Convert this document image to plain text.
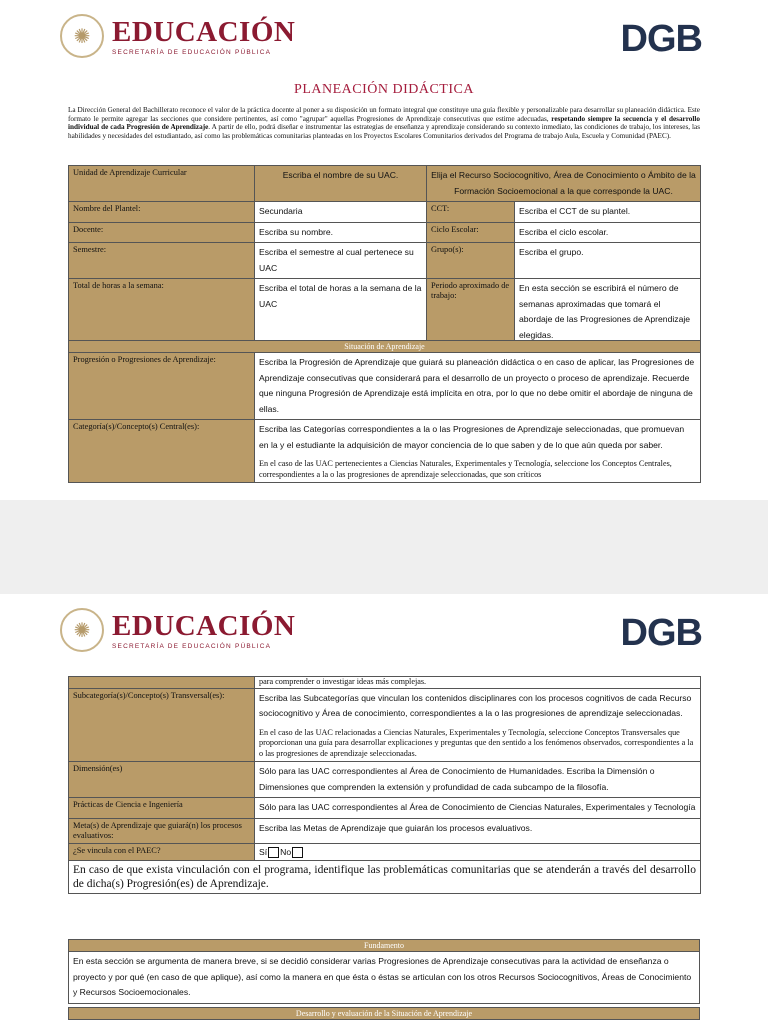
✺ EDUCACIÓN
SECRETARÍA DE EDUCACIÓN PÚBLICA	DGB
PLANEACIÓN DIDÁCTICA
La Dirección General del Bachillerato reconoce el valor de la práctica docente al poner a su disposición un formato integral que constituye una guía flexible y personalizable para desarrollar su planeación didáctica. Este formato le permite agregar las secciones que considere pertinentes, así como "agrupar" aquellas Progresiones de Aprendizaje consecutivas que estime adecuadas, respetando siempre la secuencia y el desarrollo individual de cada Progresión de Aprendizaje. A partir de ello, podrá diseñar e instrumentar las estrategias de enseñanza y aprendizaje considerando su contexto inmediato, las condiciones de trabajo, los intereses, las habilidades y necesidades del estudiantado, así como las problemáticas comunitarias planteadas en los Proyectos Escolares Comunitarios derivados del Programa de trabajo Aula, Escuela y Comunidad (PAEC).
Unidad de Aprendizaje Curricular	Escriba el nombre de su UAC.	Elija el Recurso Sociocognitivo, Área de Conocimiento o Ámbito de la Formación Socioemocional a la que corresponde la UAC.	
Nombre del Plantel:	Secundaria	CCT:	Escriba el CCT de su plantel.
Docente:	Escriba su nombre.	Ciclo Escolar:	Escriba el ciclo escolar.
Semestre:	Escriba el semestre al cual pertenece su UAC	Grupo(s):	Escriba el grupo.
Total de horas a la semana:	Escriba el total de horas a la semana de la UAC	Periodo aproximado de trabajo:	En esta sección se escribirá el número de semanas aproximadas que tomará el abordaje de las Progresiones de Aprendizaje elegidas.
Situación de Aprendizaje	
Progresión o Progresiones de Aprendizaje:	Escriba la Progresión de Aprendizaje que guiará su planeación didáctica o en caso de aplicar, las Progresiones de Aprendizaje consecutivas que considerará para el desarrollo de un proyecto o proceso de aprendizaje. Recuerde que ninguna Progresión de Aprendizaje está implícita en otra, por lo que no debe omitir el abordaje de ninguna de ellas.
Categoría(s)/Concepto(s) Central(es):	Escriba las Categorías correspondientes a la o las Progresiones de Aprendizaje seleccionadas, que promuevan en la y el estudiante la adquisición de mayor conciencia de lo que saben y de lo que aún queda por saber.
En el caso de las UAC pertenecientes a Ciencias Naturales, Experimentales y Tecnología, seleccione los Conceptos Centrales, correspondientes a la o las progresiones de aprendizaje seleccionadas, que son críticos
✺ EDUCACIÓN
SECRETARÍA DE EDUCACIÓN PÚBLICA	DGB
	para comprender o investigar ideas más complejas.
Subcategoría(s)/Concepto(s) Transversal(es):	Escriba las Subcategorías que vinculan los contenidos disciplinares con los procesos cognitivos de cada Recurso sociocognitivo y Área de conocimiento, correspondientes a la o las progresiones de aprendizaje seleccionadas.
En el caso de las UAC relacionadas a Ciencias Naturales, Experimentales y Tecnología, seleccione Conceptos Transversales que proporcionan una guía para desarrollar explicaciones y preguntas que den sentido a los fenómenos observados, correspondientes a la o las progresiones de aprendizaje seleccionadas.

Dimensión(es)	Sólo para las UAC correspondientes al Área de Conocimiento de Humanidades. Escriba la Dimensión o Dimensiones que comprenden la extensión y profundidad de cada subcampo de la filosofía.
Prácticas de Ciencia e Ingeniería	Sólo para las UAC correspondientes al Área de Conocimiento de Ciencias Naturales, Experimentales y Tecnología
Meta(s) de Aprendizaje que guiará(n) los procesos evaluativos:	Escriba las Metas de Aprendizaje que guiarán los procesos evaluativos.
¿Se vincula con el PAEC?	Sí No
En caso de que exista vinculación con el programa, identifique las problemáticas comunitarias que se atenderán a través del desarrollo de dicha(s) Progresión(es) de Aprendizaje.	
Fundamento
En esta sección se argumenta de manera breve, si se decidió considerar varias Progresiones de Aprendizaje consecutivas para la actividad de enseñanza o proyecto y por qué (en caso de que aplique), así como la manera en que ésta o éstas se articulan con los otros Recursos Sociocognitivos, Áreas de Conocimiento y Recursos Socioemocionales.
Desarrollo y evaluación de la Situación de Aprendizaje
